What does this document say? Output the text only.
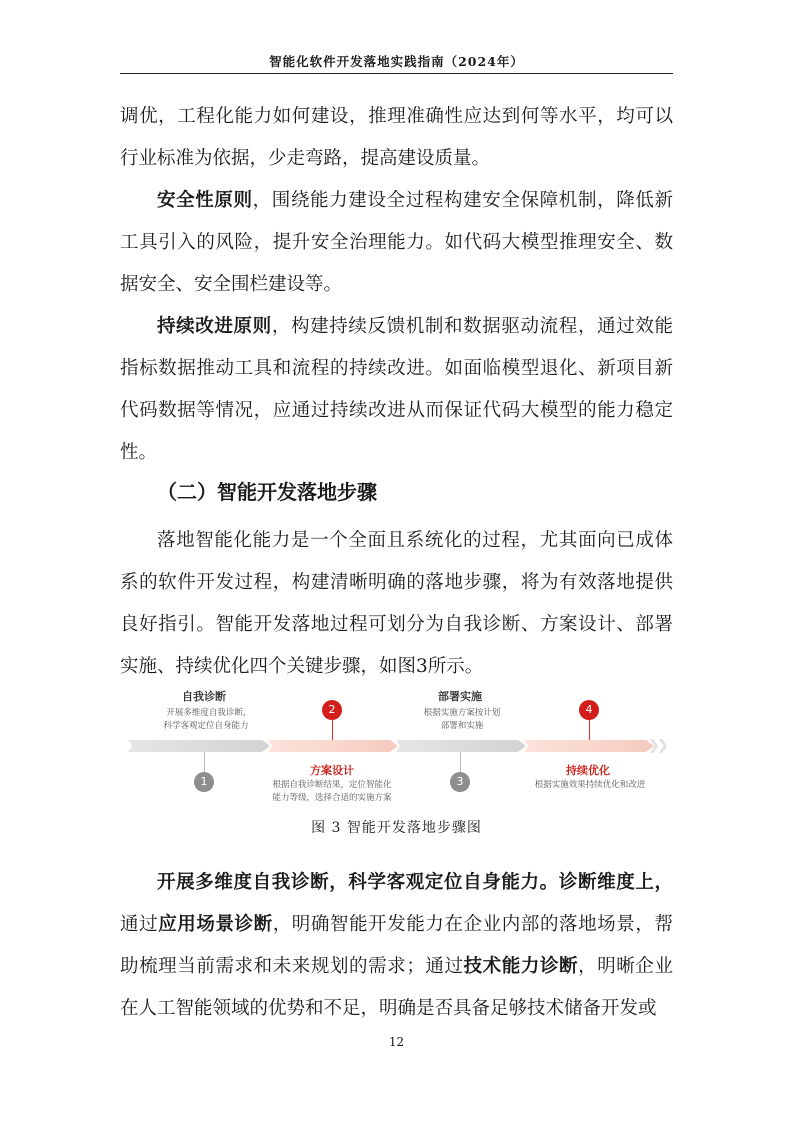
智能化软件开发落地实践指南（2024年）

调优，工程化能力如何建设，推理准确性应达到何等水平，均可以行业标准为依据，少走弯路，提高建设质量。

安全性原则，围绕能力建设全过程构建安全保障机制，降低新工具引入的风险，提升安全治理能力。如代码大模型推理安全、数据安全、安全围栏建设等。

持续改进原则，构建持续反馈机制和数据驱动流程，通过效能指标数据推动工具和流程的持续改进。如面临模型退化、新项目新代码数据等情况，应通过持续改进从而保证代码大模型的能力稳定性。

（二）智能开发落地步骤

落地智能化能力是一个全面且系统化的过程，尤其面向已成体系的软件开发过程，构建清晰明确的落地步骤，将为有效落地提供良好指引。智能开发落地过程可划分为自我诊断、方案设计、部署实施、持续优化四个关键步骤，如图3所示。

自我诊断
开展多维度自我诊断,
科学客观定位自身能力
1
2
方案设计
根据自我诊断结果，定位智能化
能力等级，选择合适的实施方案
部署实施
根据实施方案按计划
部署和实施
3
4
持续优化
根据实施效果持续优化和改进
图 3 智能开发落地步骤图

开展多维度自我诊断，科学客观定位自身能力。诊断维度上，通过应用场景诊断，明确智能开发能力在企业内部的落地场景，帮助梳理当前需求和未来规划的需求；通过技术能力诊断，明晰企业在人工智能领域的优势和不足，明确是否具备足够技术储备开发或

12
